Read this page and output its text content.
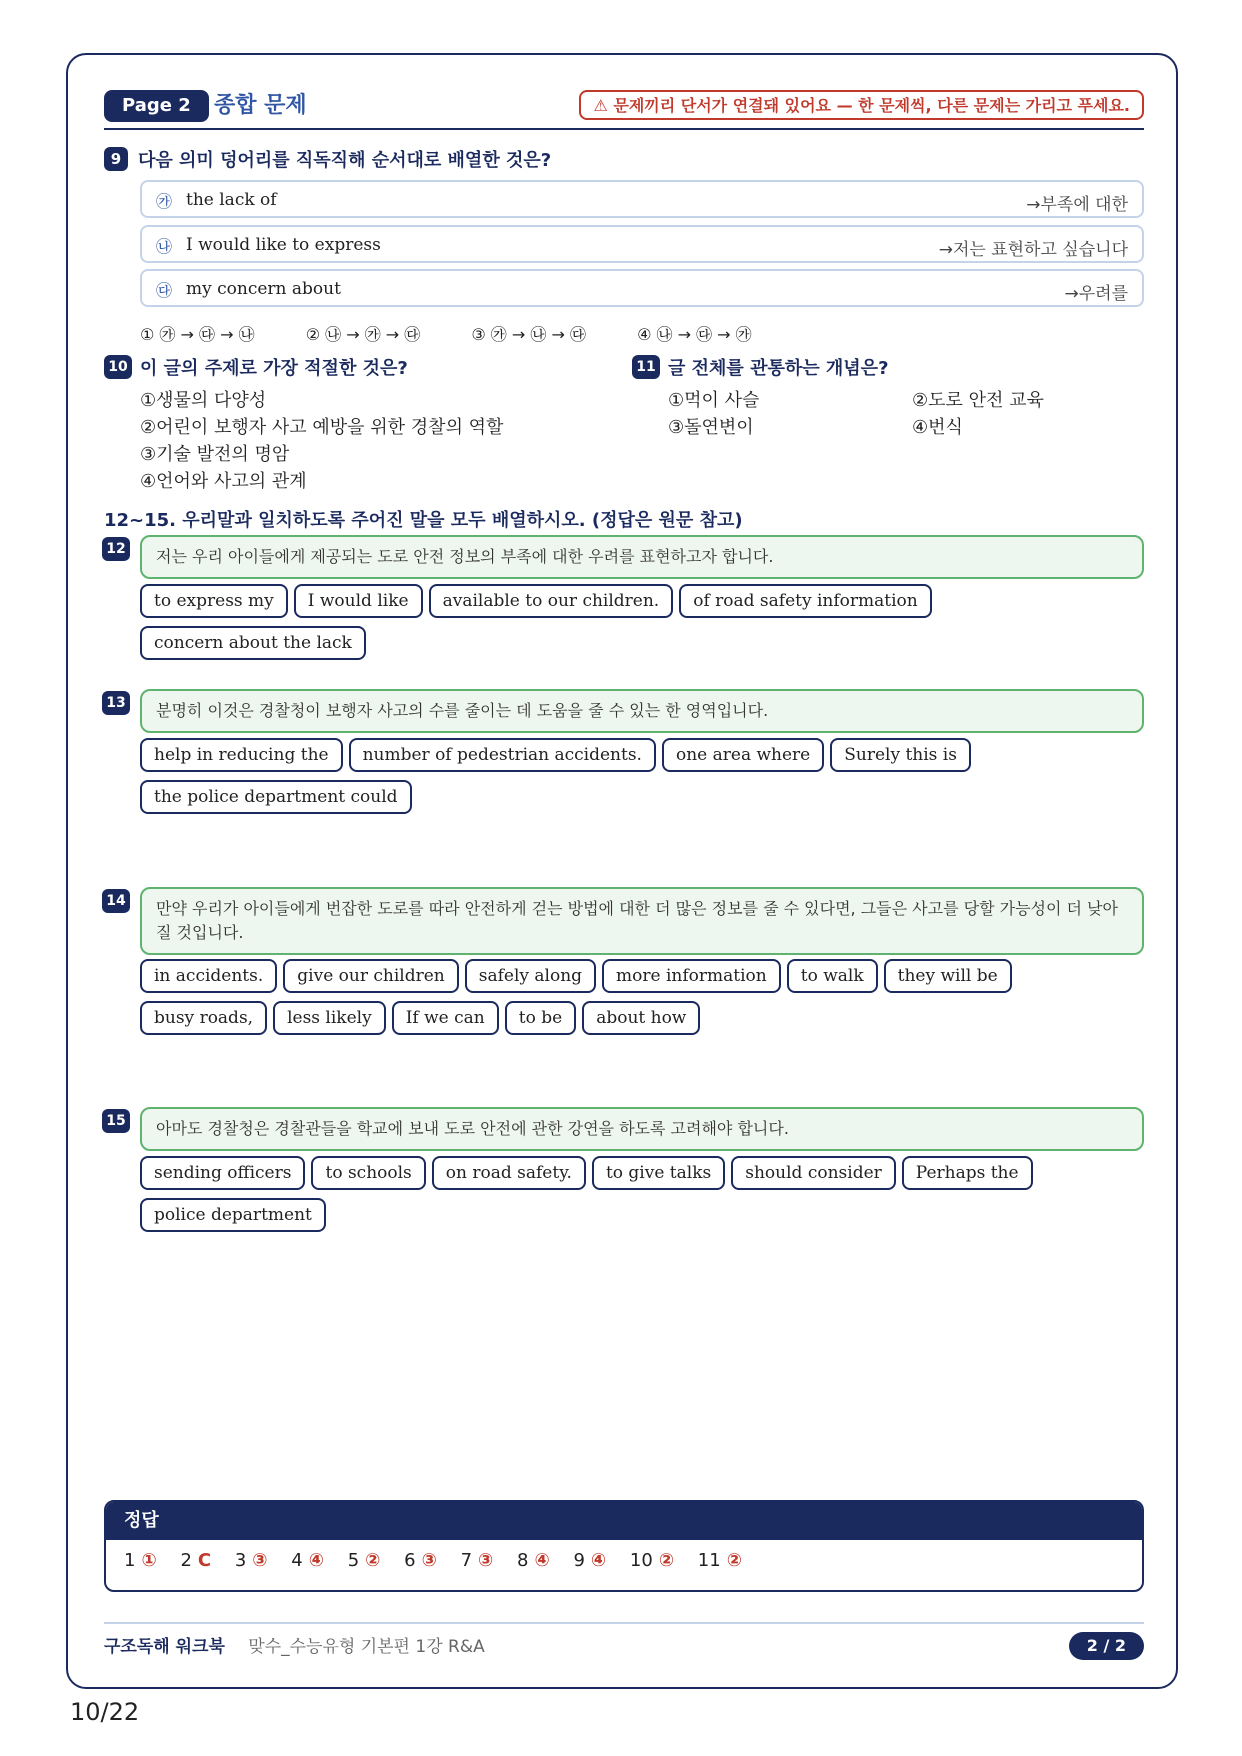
Page 2	종합 문제	⚠ 문제끼리 단서가 연결돼 있어요 — 한 문제씩, 다른 문제는 가리고 푸세요.
9 다음 의미 덩어리를 직독직해 순서대로 배열한 것은?
㉮ the lack of	→부족에 대한
㉯ I would like to express	→저는 표현하고 싶습니다
㉰ my concern about	→우려를
① ㉮ → ㉰ → ㉯	② ㉯ → ㉮ → ㉰	③ ㉮ → ㉯ → ㉰	④ ㉯ → ㉰ → ㉮
10 이 글의 주제로 가장 적절한 것은?
①생물의 다양성
②어린이 보행자 사고 예방을 위한 경찰의 역할
③기술 발전의 명암
④언어와 사고의 관계
11 글 전체를 관통하는 개념은?
①먹이 사슬	②도로 안전 교육
③돌연변이	④번식
12~15. 우리말과 일치하도록 주어진 말을 모두 배열하시오. (정답은 원문 참고)
12	저는 우리 아이들에게 제공되는 도로 안전 정보의 부족에 대한 우려를 표현하고자 합니다.
to express my I would like available to our children. of road safety informationconcern about the lack
13	분명히 이것은 경찰청이 보행자 사고의 수를 줄이는 데 도움을 줄 수 있는 한 영역입니다.
help in reducing the number of pedestrian accidents. one area where Surely this isthe police department could
14	만약 우리가 아이들에게 번잡한 도로를 따라 안전하게 걷는 방법에 대한 더 많은 정보를 줄 수 있다면, 그들은 사고를 당할 가능성이 더 낮아질 것입니다.
in accidents. give our children safely along more information to walk they will bebusy roads, less likely If we can to be about how
15	아마도 경찰청은 경찰관들을 학교에 보내 도로 안전에 관한 강연을 하도록 고려해야 합니다.
sending officers to schools on road safety. to give talks should consider Perhaps thepolice department
정답
1 ① 2 C 3 ③ 4 ④ 5 ② 6 ③ 7 ③ 8 ④ 9 ④ 10 ② 11 ②
구조독해 워크북 맞수_수능유형 기본편 1강 R&A	2 / 2
10/22
